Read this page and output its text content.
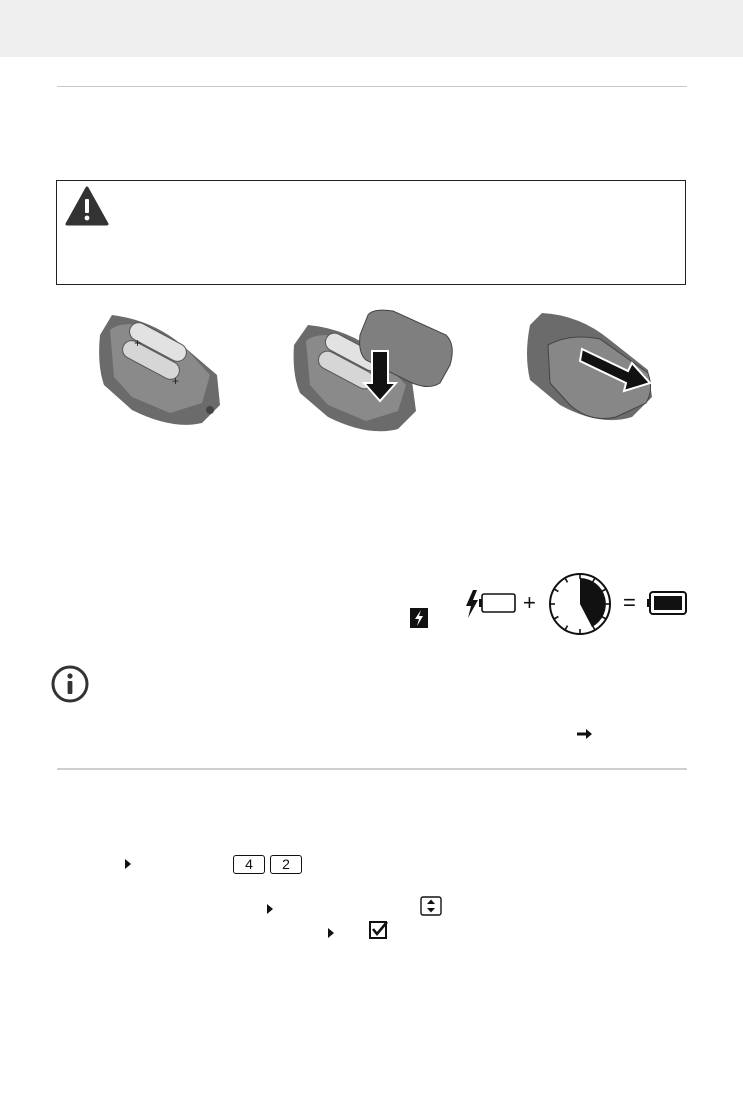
+
+
+	=
4	2
